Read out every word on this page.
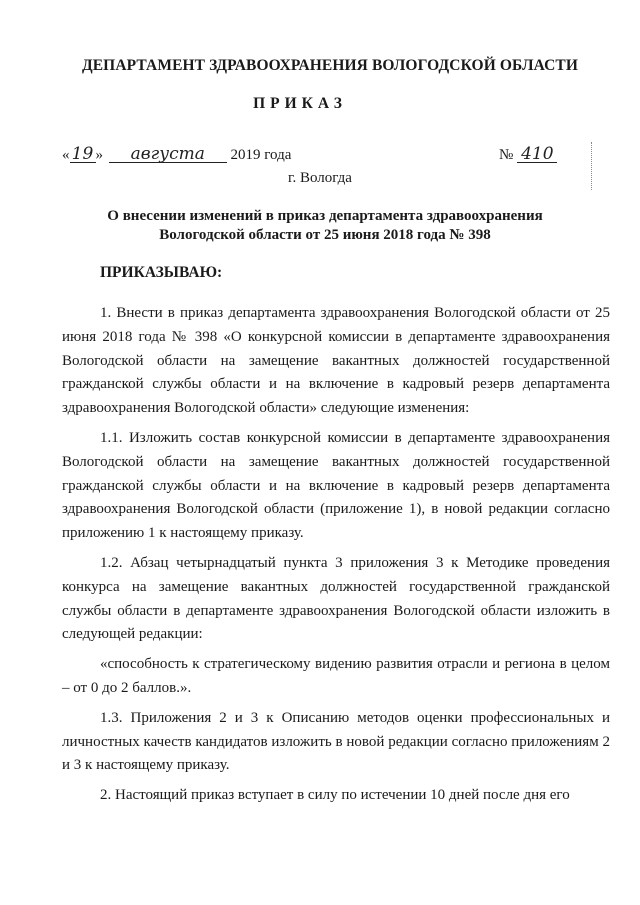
ДЕПАРТАМЕНТ ЗДРАВООХРАНЕНИЯ ВОЛОГОДСКОЙ ОБЛАСТИ
ПРИКАЗ
« 19 » августа 2019 года	№ 410
г. Вологда
О внесении изменений в приказ департамента здравоохранения
Вологодской области от 25 июня 2018 года № 398
ПРИКАЗЫВАЮ:

1. Внести в приказ департамента здравоохранения Вологодской области от 25 июня 2018 года № 398 «О конкурсной комиссии в департаменте здравоохранения Вологодской области на замещение вакантных должностей государственной гражданской службы области и на включение в кадровый резерв департамента здравоохранения Вологодской области» следующие изменения:

1.1. Изложить состав конкурсной комиссии в департаменте здравоохранения Вологодской области на замещение вакантных должностей государственной гражданской службы области и на включение в кадровый резерв департамента здравоохранения Вологодской области (приложение 1), в новой редакции согласно приложению 1 к настоящему приказу.

1.2. Абзац четырнадцатый пункта 3 приложения 3 к Методике проведения конкурса на замещение вакантных должностей государственной гражданской службы области в департаменте здравоохранения Вологодской области изложить в следующей редакции:

«способность к стратегическому видению развития отрасли и региона в целом – от 0 до 2 баллов.».

1.3. Приложения 2 и 3 к Описанию методов оценки профессиональных и личностных качеств кандидатов изложить в новой редакции согласно приложениям 2 и 3 к настоящему приказу.

2. Настоящий приказ вступает в силу по истечении 10 дней после дня его
